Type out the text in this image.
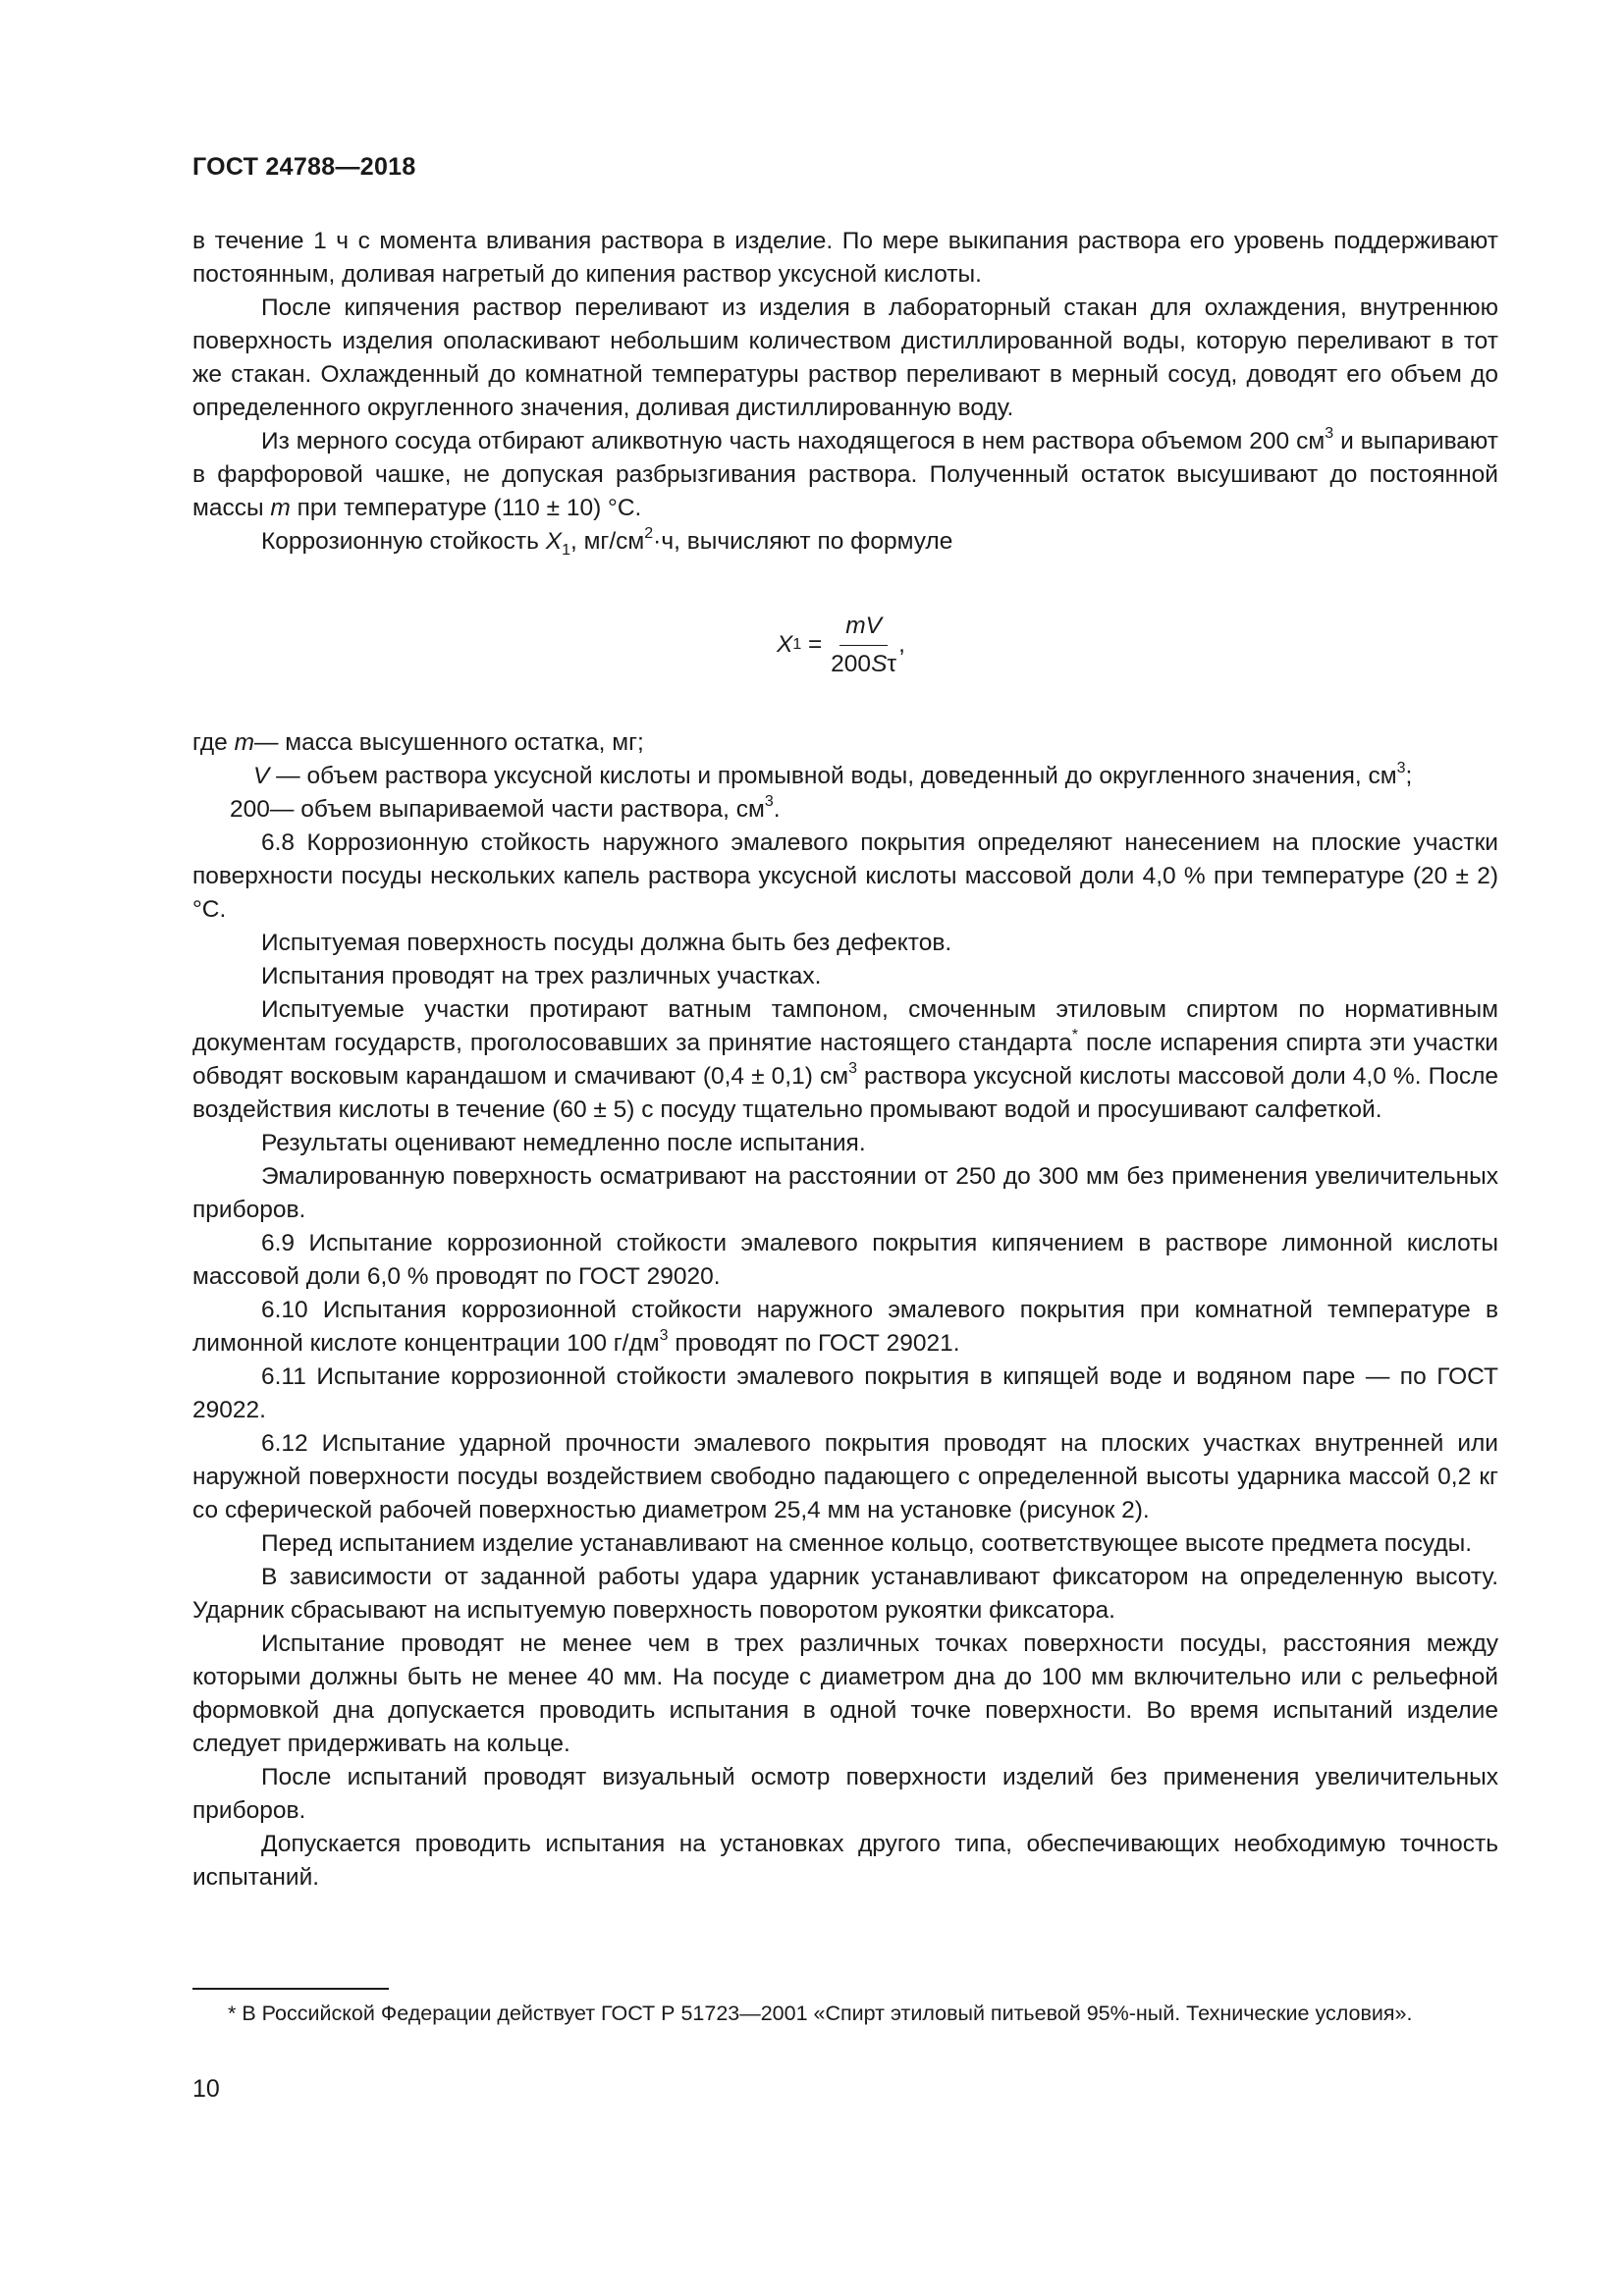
ГОСТ 24788—2018

в течение 1 ч с момента вливания раствора в изделие. По мере выкипания раствора его уровень поддерживают постоянным, доливая нагретый до кипения раствор уксусной кислоты.

После кипячения раствор переливают из изделия в лабораторный стакан для охлаждения, внутреннюю поверхность изделия ополаскивают небольшим количеством дистиллированной воды, которую переливают в тот же стакан. Охлажденный до комнатной температуры раствор переливают в мерный сосуд, доводят его объем до определенного округленного значения, доливая дистиллированную воду.

Из мерного сосуда отбирают аликвотную часть находящегося в нем раствора объемом 200 $см^3$ и выпаривают в фарфоровой чашке, не допуская разбрызгивания раствора. Полученный остаток высушивают до постоянной массы m при температуре (110 ± 10) °С.

Коррозионную стойкость $X_1$, $мг/см^2\cdot ч$, вычисляют по формуле

X $1 = \frac{mV}{200S\tau}$ ,
где m — масса высушенного остатка, мг;
V — объем раствора уксусной кислоты и промывной воды, доведенный до округленного значения, $см^3$;
200 — объем выпариваемой части раствора, $см^3$.

6.8 Коррозионную стойкость наружного эмалевого покрытия определяют нанесением на плоские участки поверхности посуды нескольких капель раствора уксусной кислоты массовой доли 4,0 % при температуре (20 ± 2) °С.

Испытуемая поверхность посуды должна быть без дефектов.

Испытания проводят на трех различных участках.

Испытуемые участки протирают ватным тампоном, смоченным этиловым спиртом по нормативным документам государств, проголосовавших за принятие настоящего стандарта* после испарения спирта эти участки обводят восковым карандашом и смачивают (0,4 ± 0,1) $см^3$ раствора уксусной кислоты массовой доли 4,0 %. После воздействия кислоты в течение (60 ± 5) с посуду тщательно промывают водой и просушивают салфеткой.

Результаты оценивают немедленно после испытания.

Эмалированную поверхность осматривают на расстоянии от 250 до 300 мм без применения увеличительных приборов.

6.9 Испытание коррозионной стойкости эмалевого покрытия кипячением в растворе лимонной кислоты массовой доли 6,0 % проводят по ГОСТ 29020.

6.10 Испытания коррозионной стойкости наружного эмалевого покрытия при комнатной температуре в лимонной кислоте концентрации 100 $г/дм^3$ проводят по ГОСТ 29021.

6.11 Испытание коррозионной стойкости эмалевого покрытия в кипящей воде и водяном паре — по ГОСТ 29022.

6.12 Испытание ударной прочности эмалевого покрытия проводят на плоских участках внутренней или наружной поверхности посуды воздействием свободно падающего с определенной высоты ударника массой 0,2 кг со сферической рабочей поверхностью диаметром 25,4 мм на установке (рисунок 2).

Перед испытанием изделие устанавливают на сменное кольцо, соответствующее высоте предмета посуды.

В зависимости от заданной работы удара ударник устанавливают фиксатором на определенную высоту. Ударник сбрасывают на испытуемую поверхность поворотом рукоятки фиксатора.

Испытание проводят не менее чем в трех различных точках поверхности посуды, расстояния между которыми должны быть не менее 40 мм. На посуде с диаметром дна до 100 мм включительно или с рельефной формовкой дна допускается проводить испытания в одной точке поверхности. Во время испытаний изделие следует придерживать на кольце.

После испытаний проводят визуальный осмотр поверхности изделий без применения увеличительных приборов.

Допускается проводить испытания на установках другого типа, обеспечивающих необходимую точность испытаний.

* В Российской Федерации действует ГОСТ Р 51723—2001 «Спирт этиловый питьевой 95%-ный. Технические условия».
10
